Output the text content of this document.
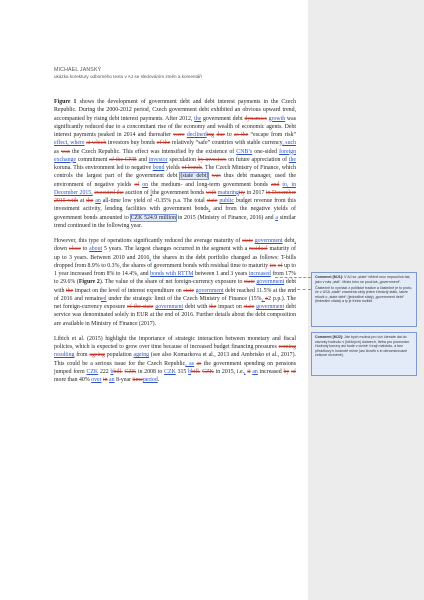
MICHAEL JANSKÝ
ukázka korektury odborného textu v AJ se sledováním změn a komentáři

Figure 1 shows the development of government debt and debt interest payments in the Czech Republic. During the 2000-2012 period, Czech government debt exhibited an obvious upward trend, accompanied by rising debt interest payments. After 2012, the government debt dynamics growth was significantly reduced due to a concomitant rise of the economy and wealth of economic agents. Debt interest payments peaked in 2014 and thereafter were declineding due to as the “escape from risk” effect, where at which investors buy bonds of the relatively “safe” countries with stable currency, such as was the Czech Republic. This effect was intensified by the existence of CNB’s one-sided foreign exchange commitment of the CNB and investor speculation by investors on future appreciation of the koruna. This environment led to negative bond yields of bonds. The Czech Ministry of Finance, which controls the largest part of the government debt (state debt) was thus debt manager, used the environment of negative yields of on the medium- and long-term government bonds and to, in December 2015, executed the auction of [the government bonds with maturingity in 2017 in December 2015 with at the an all-time low yield of -0.35% p.a. The total state public budget revenue from this investment activity, lending facilities with government bonds, and from the negative yields of government bonds amounted to CZK 524.9 million in 2015 (Ministry of Finance, 2016) and a similar trend continued in the following year.

However, this type of operations significantly reduced the average maturity of state government debt, down close to about 5 years. The largest changes occurred in the segment with a residual maturity of up to 3 years. Between 2010 and 2016, the shares in the debt portfolio changed as follows: T-bills dropped from 8.9% to 0.3%, the shares of government bonds with residual time to maturity ies of up to 1 year increased from 8% to 14.4%, and bonds with RTTM between 1 and 3 years increased from 17% to 29.6% (Figure 2). The value of the share of net foreign-currency exposure to state government debt with the impact on the level of interest expenditure on state government debt reached 11.5% at the end of 2016 and remained under the strategic limit of the Czech Ministry of Finance (15%, ±2 p.p.). The net foreign-currency exposure of the state government debt with the impact on state government debt service was denominated solely in EUR at the end of 2016. Further details about the debt composition are available in Ministry of Finance (2017).

Libich et al. (2015) highlight the importance of strategic interaction between monetary and fiscal policies, which is expected to grow over time because of increased budget financing pressures coming resulting from ageing population ageing (see also Komarkova et al., 2013 and Ambrisko et al., 2017). This could be a serious issue for the Czech Republic, as as the government spending on pensions jumped form CZK 222 bbill. CZK in 2008 to CZK 315 bbill. CZK in 2015, i.e., it an increased by of more than 40% over in an 8-year timeperiod.

Comment [MJ1]: V AJ se „state“ běžně moc nepoužívá tak, jako v nás „stát“. Místo toho se používá „government“.
Částečně to vychází z politické tradice a částečně je to proto, že v USA „state“ znamená vždy jeden čtrnáctý státu, takže mluvit o „state debt“ (jednotlivé státy) „government debt“ (federální vláda) a ty je třeba rozlišit.
Comment [MJ2]: Jde bych možná pro cizí čtenáře dal do závorky hodnotu v (běžných) dolarech, třeba pro porovnání. Hodnoty koruny asi bude v cizině i hrají málokdo, a bez přirážkovy k hodnotě mžne (asi člověk s in denominované celkové nicméně).
